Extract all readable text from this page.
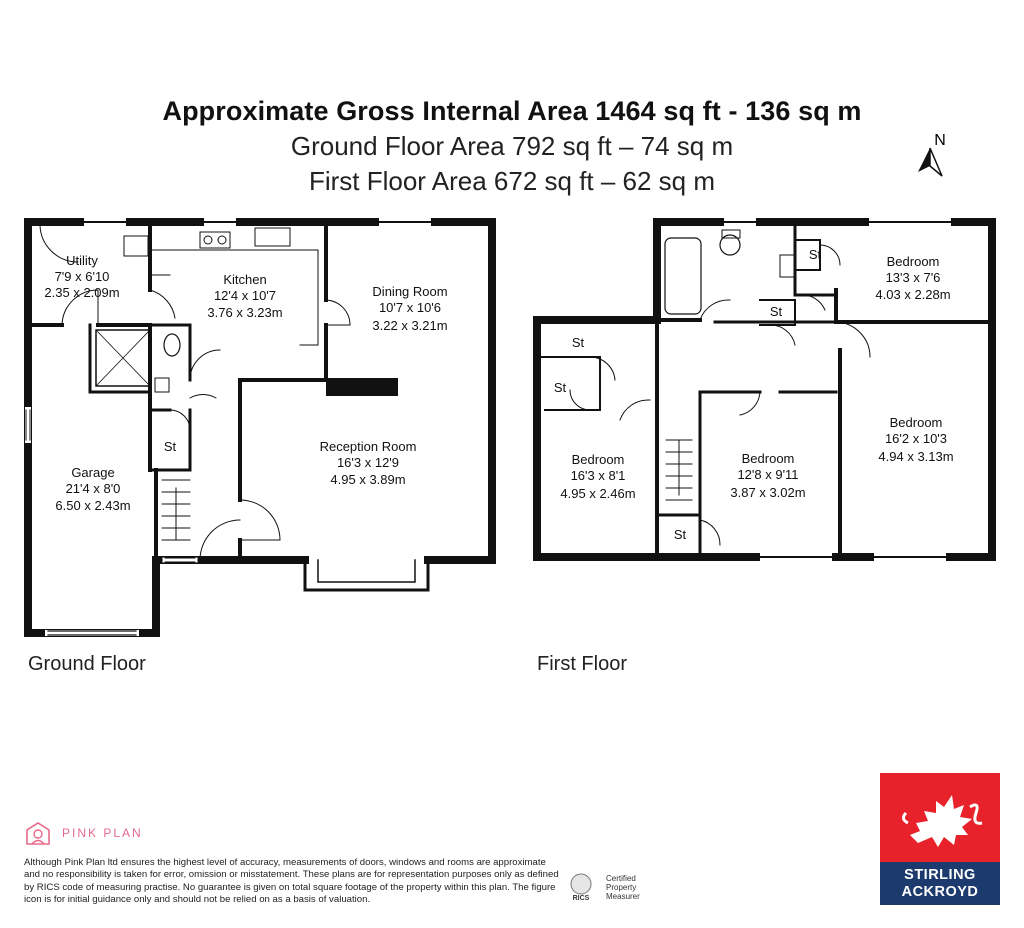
Approximate Gross Internal Area 1464 sq ft - 136 sq m
Ground Floor Area 792 sq ft – 74 sq m
First Floor Area 672 sq ft – 62 sq m
N
Utility
7'9 x 6'10
2.35 x 2.09m
Kitchen
12'4 x 10'7
3.76 x 3.23m
Dining Room
10'7 x 10'6
3.22 x 3.21m
Reception Room
16'3 x 12'9
4.95 x 3.89m
Garage
21'4 x 8'0
6.50 x 2.43m
St
Bedroom
13'3 x 7'6
4.03 x 2.28m
Bedroom
16'2 x 10'3
4.94 x 3.13m
Bedroom
12'8 x 9'11
3.87 x 3.02m
Bedroom
16'3 x 8'1
4.95 x 2.46m
St
St
St
St
St
Ground Floor	First Floor
PINK PLAN
Although Pink Plan ltd ensures the highest level of accuracy, measurements of doors, windows and rooms are approximate and no responsibility is taken for error, omission or misstatement. These plans are for representation purposes only as defined by RICS code of measuring practise. No guarantee is given on total square footage of the property within this plan. The figure icon is for initial guidance only and should not be relied on as a basis of valuation.	RICS
Certified Property Measurer
STIRLING
ACKROYD
